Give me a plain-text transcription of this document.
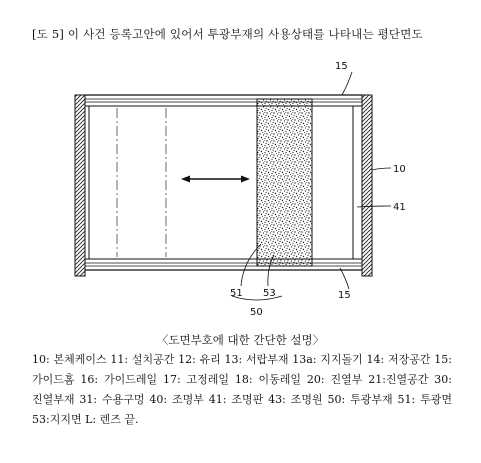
[도 5] 이 사건 등록고안에 있어서 투광부재의 사용상태를 나타내는 평단면도
15
10
41
51 53
50
15
〈도면부호에 대한 간단한 설명〉
10: 본체케이스 11: 설치공간 12: 유리 13: 서랍부재 13a: 지지돌기 14: 저장공간 15: 가이드홈 16: 가이드레일 17: 고정레일 18: 이동레일 20: 진열부 21:진열공간 30: 진열부재 31: 수용구멍 40: 조명부 41: 조명판 43: 조명원 50: 투광부재 51: 투광면 53:지지면 L: 렌즈 끝.
